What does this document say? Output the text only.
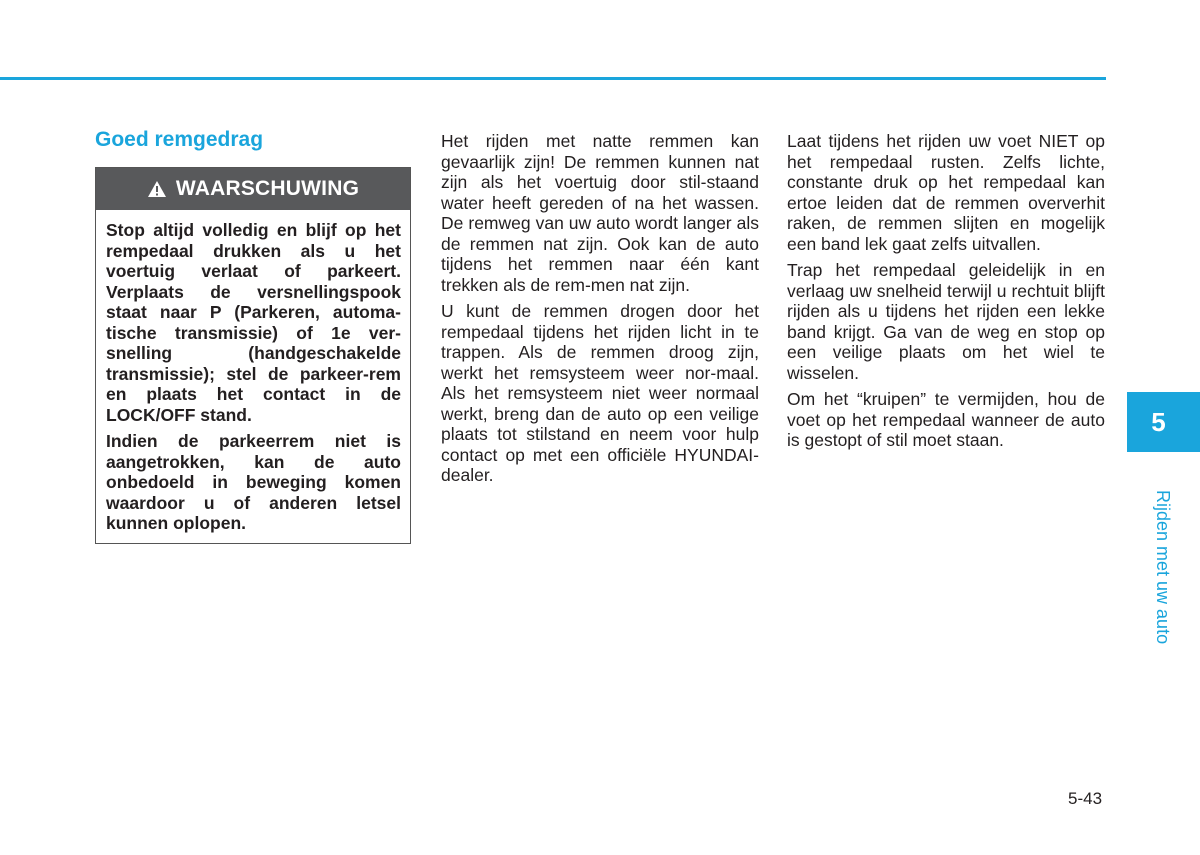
Goed remgedrag
WAARSCHUWING

Stop altijd volledig en blijf op het rempedaal drukken als u het voertuig verlaat of parkeert. Verplaats de versnellingspook staat naar P (Parkeren, automa-tische transmissie) of 1e ver-snelling (handgeschakelde transmissie); stel de parkeer-rem en plaats het contact in de LOCK/OFF stand.

Indien de parkeerrem niet is aangetrokken, kan de auto onbedoeld in beweging komen waardoor u of anderen letsel kunnen oplopen.

Het rijden met natte remmen kan gevaarlijk zijn! De remmen kunnen nat zijn als het voertuig door stil-staand water heeft gereden of na het wassen. De remweg van uw auto wordt langer als de remmen nat zijn. Ook kan de auto tijdens het remmen naar één kant trekken als de rem-men nat zijn.

U kunt de remmen drogen door het rempedaal tijdens het rijden licht in te trappen. Als de remmen droog zijn, werkt het remsysteem weer nor-maal. Als het remsysteem niet weer normaal werkt, breng dan de auto op een veilige plaats tot stilstand en neem voor hulp contact op met een officiële HYUNDAI-dealer.

Laat tijdens het rijden uw voet NIET op het rempedaal rusten. Zelfs lichte, constante druk op het rempedaal kan ertoe leiden dat de remmen oververhit raken, de remmen slijten en mogelijk een band lek gaat zelfs uitvallen.

Trap het rempedaal geleidelijk in en verlaag uw snelheid terwijl u rechtuit blijft rijden als u tijdens het rijden een lekke band krijgt. Ga van de weg en stop op een veilige plaats om het wiel te wisselen.

Om het “kruipen” te vermijden, hou de voet op het rempedaal wanneer de auto is gestopt of stil moet staan.

5
Rijden met uw auto
5-43
